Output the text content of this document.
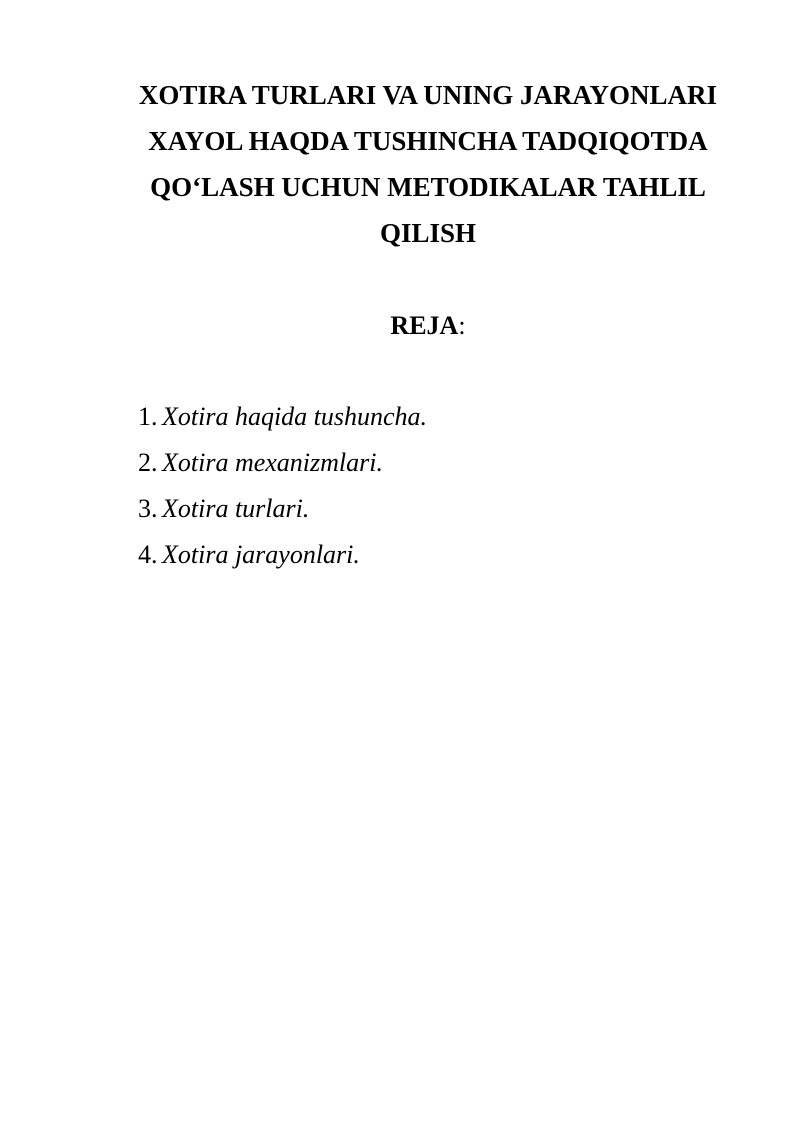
XOTIRA TURLARI VA UNING JARAYONLARI
XAYOL HAQDA TUSHINCHA TADQIQOTDA
QO‘LASH UCHUN METODIKALAR TAHLIL
QILISH

REJA:

1. Xotira haqida tushuncha.
2. Xotira mexanizmlari.
3. Xotira turlari.
4. Xotira jarayonlari.
